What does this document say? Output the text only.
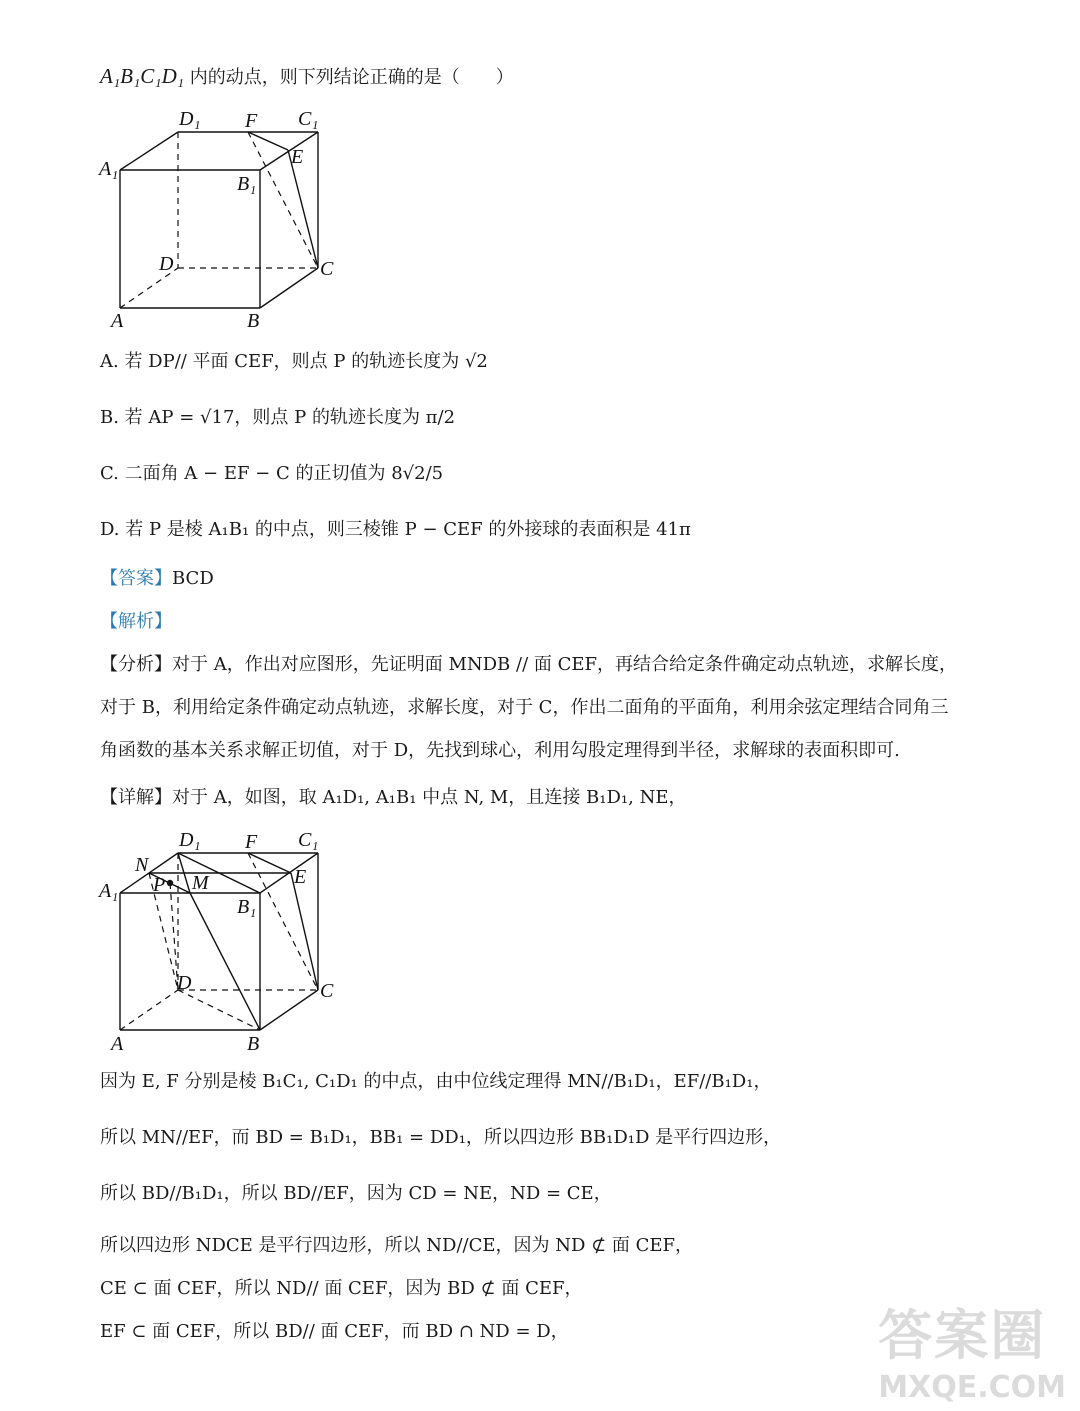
A₁B₁C₁D₁ 内的动点，则下列结论正确的是（　　）
D₁ F C₁
A₁
B₁
E
D	C
A	B
A. 若 DP// 平面 CEF，则点 P 的轨迹长度为 √2
B. 若 AP = √17，则点 P 的轨迹长度为 π/2
C. 二面角 A − EF − C 的正切值为 8√2/5
D. 若 P 是棱 A₁B₁ 的中点，则三棱锥 P − CEF 的外接球的表面积是 41π
【答案】BCD
【解析】
【分析】对于 A，作出对应图形，先证明面 MNDB // 面 CEF，再结合给定条件确定动点轨迹，求解长度，
对于 B，利用给定条件确定动点轨迹，求解长度，对于 C，作出二面角的平面角，利用余弦定理结合同角三
角函数的基本关系求解正切值，对于 D，先找到球心，利用勾股定理得到半径，求解球的表面积即可.
【详解】对于 A，如图，取 A₁D₁, A₁B₁ 中点 N, M，且连接 B₁D₁, NE，
D₁ F C₁
N
P M
A₁
B₁
E
D	C
A	B
因为 E, F 分别是棱 B₁C₁, C₁D₁ 的中点，由中位线定理得 MN//B₁D₁，EF//B₁D₁，
所以 MN//EF，而 BD = B₁D₁，BB₁ = DD₁，所以四边形 BB₁D₁D 是平行四边形，
所以 BD//B₁D₁，所以 BD//EF，因为 CD = NE，ND = CE，
所以四边形 NDCE 是平行四边形，所以 ND//CE，因为 ND ⊄ 面 CEF，
CE ⊂ 面 CEF，所以 ND// 面 CEF，因为 BD ⊄ 面 CEF，
EF ⊂ 面 CEF，所以 BD// 面 CEF，而 BD ∩ ND = D，	答案圈
MXQE.COM
